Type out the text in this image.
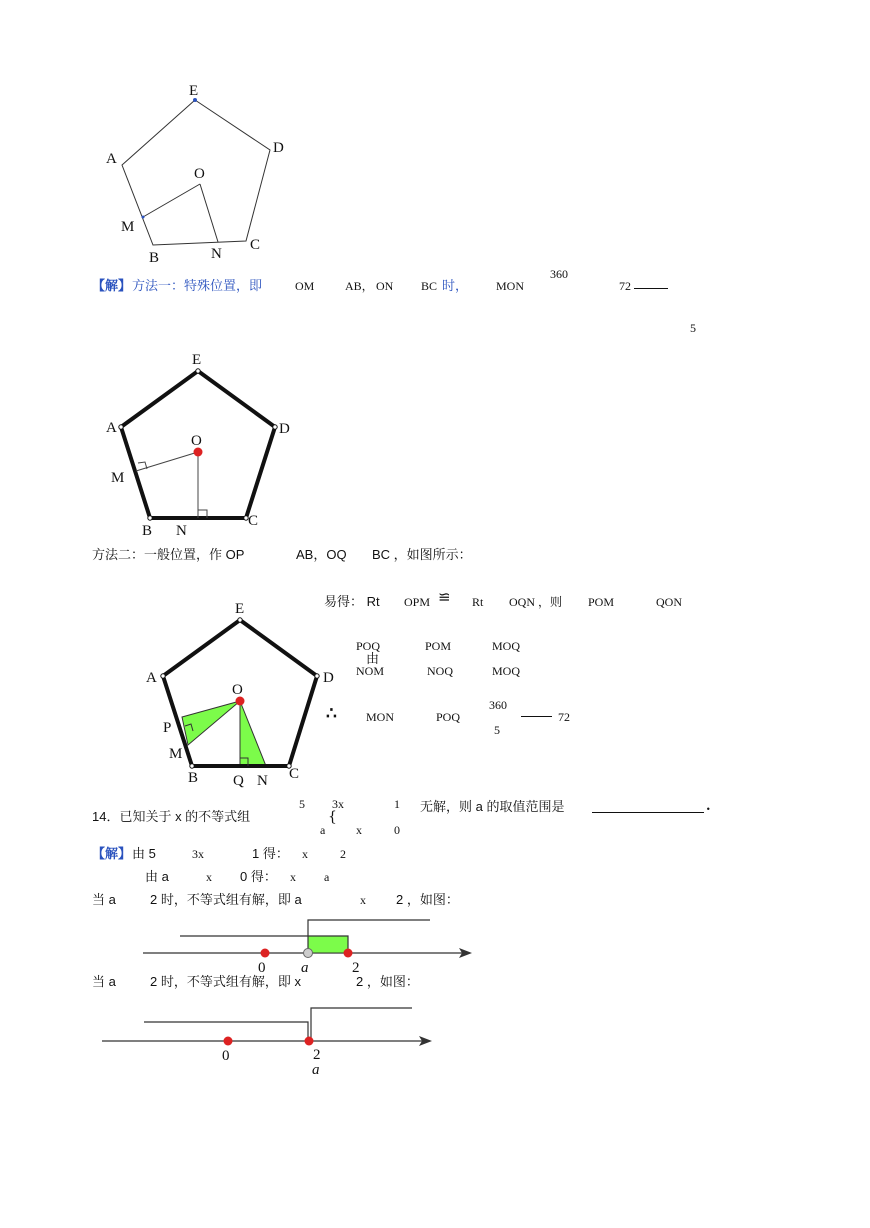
E
A
D
O
M
B	N
C
【解】 方法一：特殊位置，即	OM	AB， ON BC 时， MON
360
72
5
E
A	D
O
M
B N
C
方法二：一般位置，作 OP	AB，OQ BC ，如图所示：
E
A	D
O
P
M
B Q N C
易得： Rt OPM ≌ Rt OQN ，则 POM	QON
POQ	POM	MOQ
由
NOM	NOQ	MOQ
∴ MON	POQ
360
5
72
14．已知关于 x 的不等式组
5 3x	1
{
a	x	0
无解，则 a 的取值范围是	.
【解】 由 5	3x	1 得： x	2
由 a	x 0 得： x a
当 a	2 时，不等式组有解，即 a	x 2 ，如图：
0 a	2
当 a	2 时，不等式组有解，即 x	2 ，如图：
0	2
a
